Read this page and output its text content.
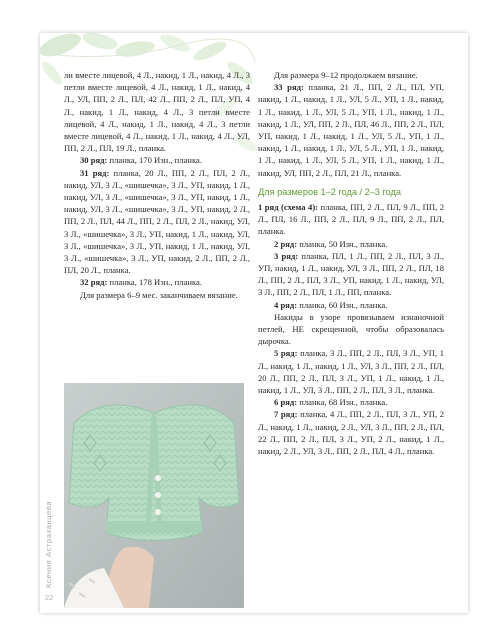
Ксения Астраханцева
22

ли вместе лицевой, 4 Л., накид, 1 Л., накид, 4 Л., 3 петли вместе лицевой, 4 Л., накид, 1 Л., накид, 4 Л., УЛ, ПП, 2 Л., ПЛ, 42 Л., ПП, 2 Л., ПЛ, УП, 4 Л., накид, 1 Л., накид, 4 Л., 3 петли вместе лицевой, 4 Л., накид, 1 Л., накид, 4 Л., 3 петли вместе лицевой, 4 Л., накид, 1 Л., накид, 4 Л., УЛ, ПП, 2 Л., ПЛ, 19 Л., планка.

30 ряд: планка, 170 Изн., планка.

31 ряд: планка, 20 Л., ПП, 2 Л., ПЛ, 2 Л., накид, УЛ, 3 Л., «шишечка», 3 Л., УП, накид, 1 Л., накид, УЛ, 3 Л., «шишечка», 3 Л., УП, накид, 1 Л., накид, УЛ, 3 Л., «шишечка», 3 Л., УП, накид, 2 Л., ПП, 2 Л., ПЛ, 44 Л., ПП, 2 Л., ПЛ, 2 Л., накид, УЛ, 3 Л., «шишечка», 3 Л., УП, накид, 1 Л., накид, УЛ, 3 Л., «шишечка», 3 Л., УП, накид, 1 Л., накид, УЛ, 3 Л., «шишечка», 3 Л., УП, накид, 2 Л., ПП, 2 Л., ПЛ, 20 Л., планка.

32 ряд: планка, 178 Изн., планка.

Для размера 6–9 мес. заканчиваем вязание.

Для размера 9–12 продолжаем вязание.

33 ряд: планка, 21 Л., ПП, 2 Л., ПЛ, УП, накид, 1 Л., накид, 1 Л., УЛ, 5 Л., УП, 1 Л., накид, 1 Л., накид, 1 Л., УЛ, 5 Л., УП, 1 Л., накид, 1 Л., накид, 1 Л., УЛ, ПП, 2 Л., ПЛ, 46 Л., ПП, 2 Л., ПЛ, УП, накид, 1 Л., накид, 1 Л., УЛ, 5 Л., УП, 1 Л., накид, 1 Л., накид, 1 Л., УЛ, 5 Л., УП, 1 Л., накид, 1 Л., накид, 1 Л., УЛ, 5 Л., УП, 1 Л., накид, 1 Л., накид, УЛ, ПП, 2 Л., ПЛ, 21 Л., планка.

Для размеров 1–2 года / 2–3 года

1 ряд (схема 4): планка, ПП, 2 Л., ПЛ, 9 Л., ПП, 2 Л., ПЛ, 16 Л., ПП, 2 Л., ПЛ, 9 Л., ПП, 2 Л., ПЛ, планка.

2 ряд: планка, 50 Изн., планка.

3 ряд: планка, ПЛ, 1 Л., ПП, 2 Л., ПЛ, 3 Л., УП, накид, 1 Л., накид, УЛ, 3 Л., ПП, 2 Л., ПЛ, 18 Л., ПП, 2 Л., ПЛ, 3 Л., УП, накид, 1 Л., накид, УЛ, 3 Л., ПП, 2 Л., ПЛ, 1 Л., ПП, планка.

4 ряд: планка, 60 Изн., планка.

Накиды в узоре провязываем изнаночной петлей, НЕ скрещенной, чтобы образовалась дырочка.

5 ряд: планка, 3 Л., ПП, 2 Л., ПЛ, 3 Л., УП, 1 Л., накид, 1 Л., накид, 1 Л., УЛ, 3 Л., ПП, 2 Л., ПЛ, 20 Л., ПП, 2 Л., ПЛ, 3 Л., УП, 1 Л., накид, 1 Л., накид, 1 Л., УЛ, 3 Л., ПП, 2 Л., ПЛ, 3 Л., планка.

6 ряд: планка, 68 Изн., планка.

7 ряд: планка, 4 Л., ПП, 2 Л., ПЛ, 3 Л., УП, 2 Л., накид, 1 Л., накид, 2 Л., УЛ, 3 Л., ПП, 2 Л., ПЛ, 22 Л., ПП, 2 Л., ПЛ, 3 Л., УП, 2 Л., накид, 1 Л., накид, 2 Л., УЛ, 3 Л., ПП, 2 Л., ПЛ, 4 Л., планка.
